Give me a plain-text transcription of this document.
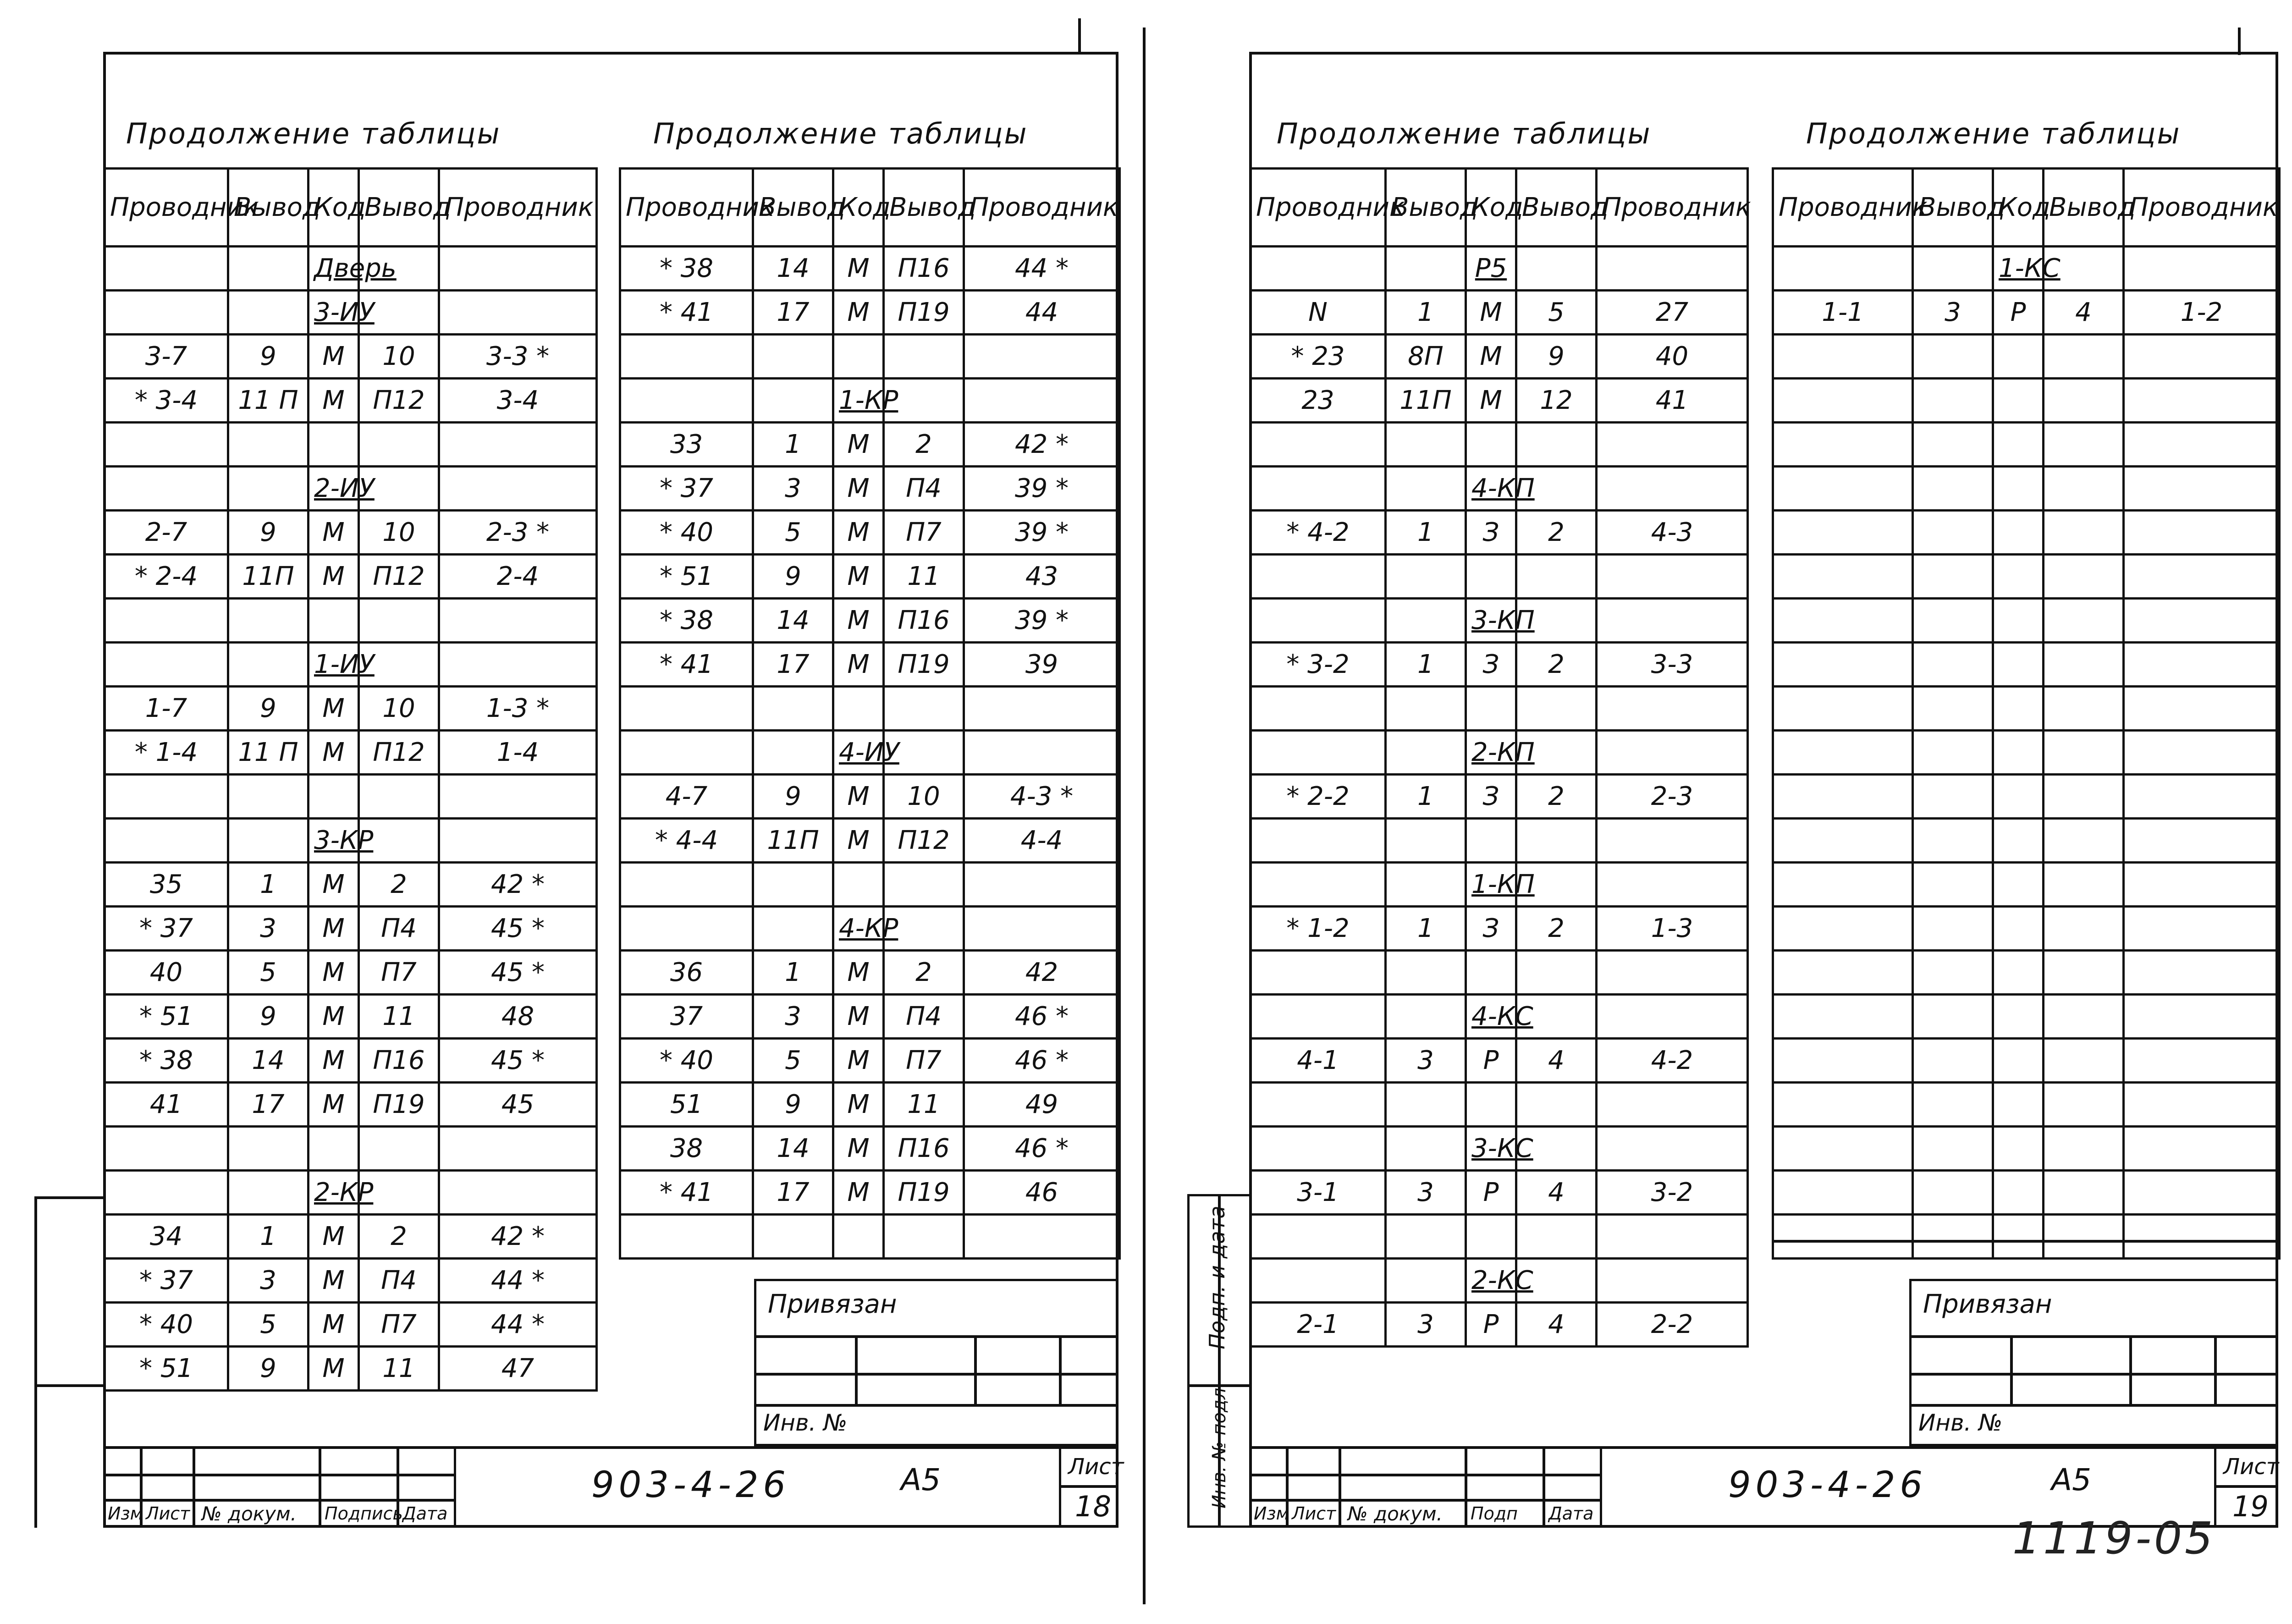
Продолжение таблицы
Проводник	Вывод	Код	Вывод	Проводник
		Дверь		
		3-ИУ		
3-7	9	М	10	3-3 *
* 3-4	11 П	М	П12	3-4

		2-ИУ		
2-7	9	М	10	2-3 *
* 2-4	11П	М	П12	2-4

		1-ИУ		
1-7	9	М	10	1-3 *
* 1-4	11 П	М	П12	1-4

		3-КР		
35	1	М	2	42 *
* 37	3	М	П4	45 *
40	5	М	П7	45 *
* 51	9	М	11	48
* 38	14	М	П16	45 *
41	17	М	П19	45

		2-КР		
34	1	М	2	42 *
* 37	3	М	П4	44 *
* 40	5	М	П7	44 *
* 51	9	М	11	47
Продолжение таблицы
Проводник	Вывод	Код	Вывод	Проводник
* 38	14	М	П16	44 *
* 41	17	М	П19	44

		1-КР		
33	1	М	2	42 *
* 37	3	М	П4	39 *
* 40	5	М	П7	39 *
* 51	9	М	11	43
* 38	14	М	П16	39 *
* 41	17	М	П19	39

		4-ИУ		
4-7	9	М	10	4-3 *
* 4-4	11П	М	П12	4-4

		4-КР		
36	1	М	2	42
37	3	М	П4	46 *
* 40	5	М	П7	46 *
51	9	М	11	49
38	14	М	П16	46 *
* 41	17	М	П19	46

Привязан
Инв. №
Изм Лист № докум. Подпись Дата
903-4-26	А5	Лист
18
Продолжение таблицы
Проводник	Вывод	Код	Вывод	Проводник
		Р5		
N	1	М	5	27
* 23	8П	М	9	40
23	11П	М	12	41

		4-КП		
* 4-2	1	З	2	4-3

		3-КП		
* 3-2	1	З	2	3-3

		2-КП		
* 2-2	1	З	2	2-3

		1-КП		
* 1-2	1	З	2	1-3

		4-КС		
4-1	3	Р	4	4-2

		3-КС		
3-1	3	Р	4	3-2

		2-КС		
2-1	3	Р	4	2-2
Продолжение таблицы
Проводник	Вывод	Код	Вывод	Проводник
		1-КС		
1-1	3	Р	4	1-2

Привязан
Инв. №
Изм Лист № докум. Подп Дата
903-4-26	А5	Лист
19
Подп. и дата
Инв. № подл.
1119-05
